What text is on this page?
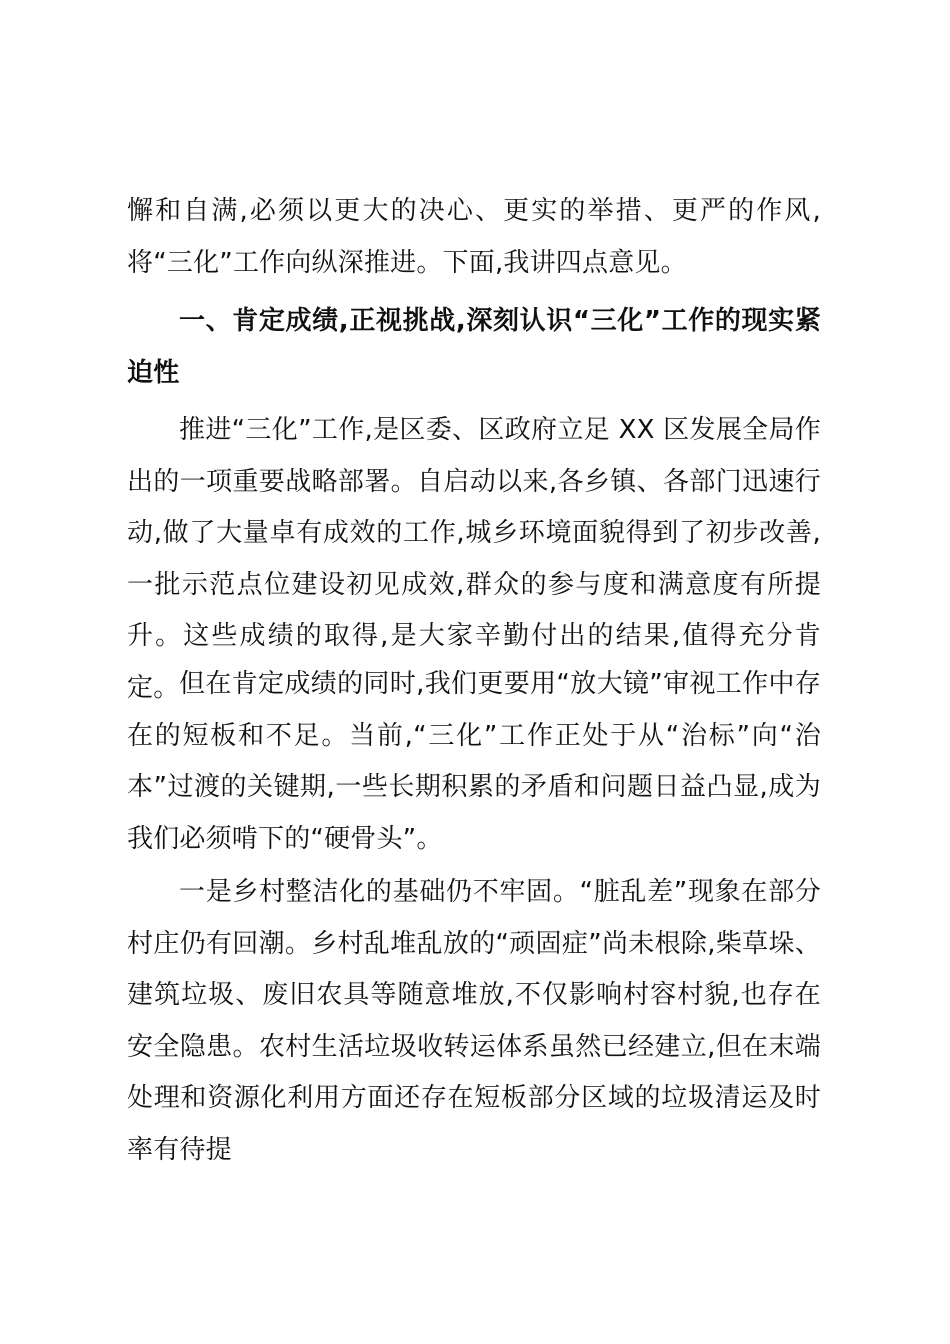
懈和自满,必须以更大的决心、更实的举措、更严的作风,将“三化”工作向纵深推进。下面,我讲四点意见。

一、肯定成绩,正视挑战,深刻认识“三化”工作的现实紧迫性

推进“三化”工作,是区委、区政府立足 XX 区发展全局作出的一项重要战略部署。自启动以来,各乡镇、各部门迅速行动,做了大量卓有成效的工作,城乡环境面貌得到了初步改善,一批示范点位建设初见成效,群众的参与度和满意度有所提升。这些成绩的取得,是大家辛勤付出的结果,值得充分肯定。 但在肯定成绩的同时,我们更要用“放大镜”审视工作中存在的短板和不足。当前,“三化”工作正处于从“治标”向“治本”过渡的关键期,一些长期积累的矛盾和问题日益凸显,成为我们必须啃下的“硬骨头”。

一是乡村整洁化的基础仍不牢固。“脏乱差”现象在部分村庄仍有回潮。乡村乱堆乱放的“顽固症”尚未根除,柴草垛、建筑垃圾、废旧农具等随意堆放,不仅影响村容村貌,也存在安全隐患。农村生活垃圾收转运体系虽然已经建立,但在末端处理和资源化利用方面还存在短板部分区域的垃圾清运及时率有待提
